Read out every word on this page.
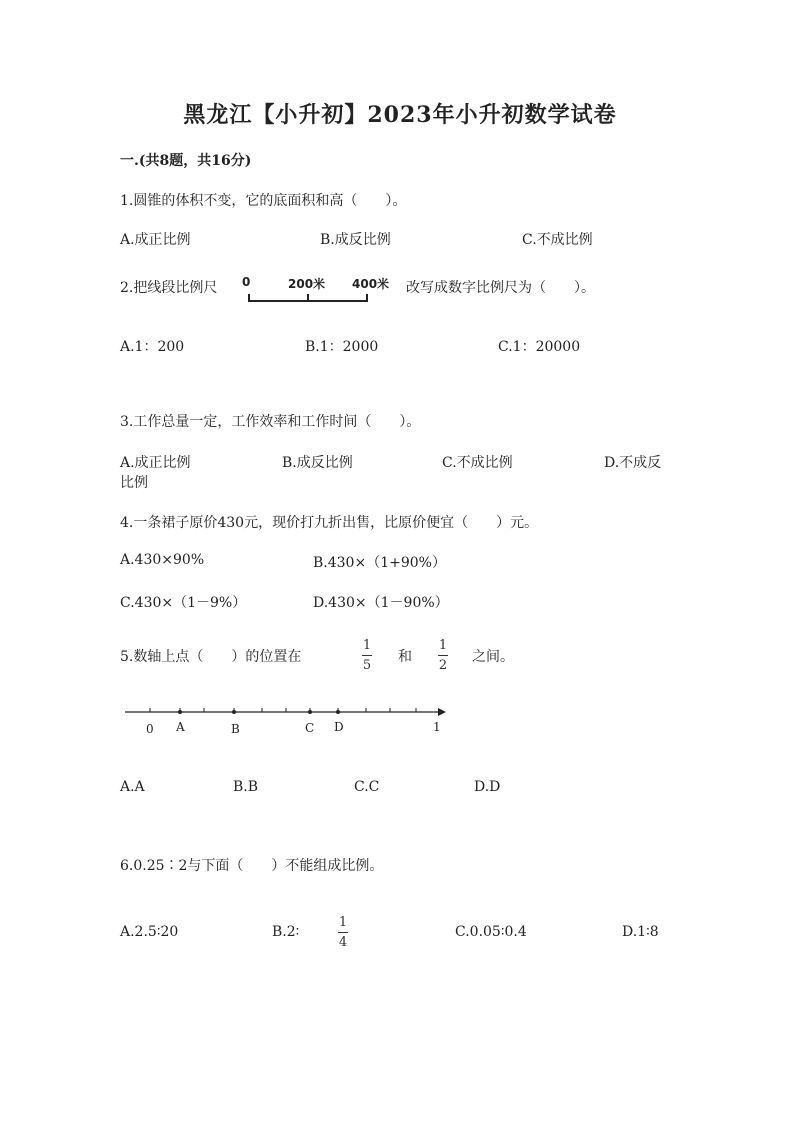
黑龙江【小升初】2023年小升初数学试卷
一.(共8题，共16分)
1.圆锥的体积不变，它的底面积和高（　　）。
A.成正比例	B.成反比例	C.不成比例
2.把线段比例尺 0	200米 400米 改写成数字比例尺为（　　）。
A.1：200	B.1：2000	C.1：20000
3.工作总量一定，工作效率和工作时间（　　）。
A.成正比例	B.成反比例	C.不成比例	D.不成反
比例
4.一条裙子原价430元，现价打九折出售，比原价便宜（　　）元。
A.430×90%	B.430×（1+90%）
C.430×（1－9%）	D.430×（1－90%）
5.数轴上点（　　）的位置在
1
5
和
1
2
之间。
0 A	B	C D	1
A.A	B.B	C.C	D.D
6.0.25∶2与下面（　　）不能组成比例。
A.2.5∶20	B.2∶
1
4
C.0.05∶0.4	D.1∶8
